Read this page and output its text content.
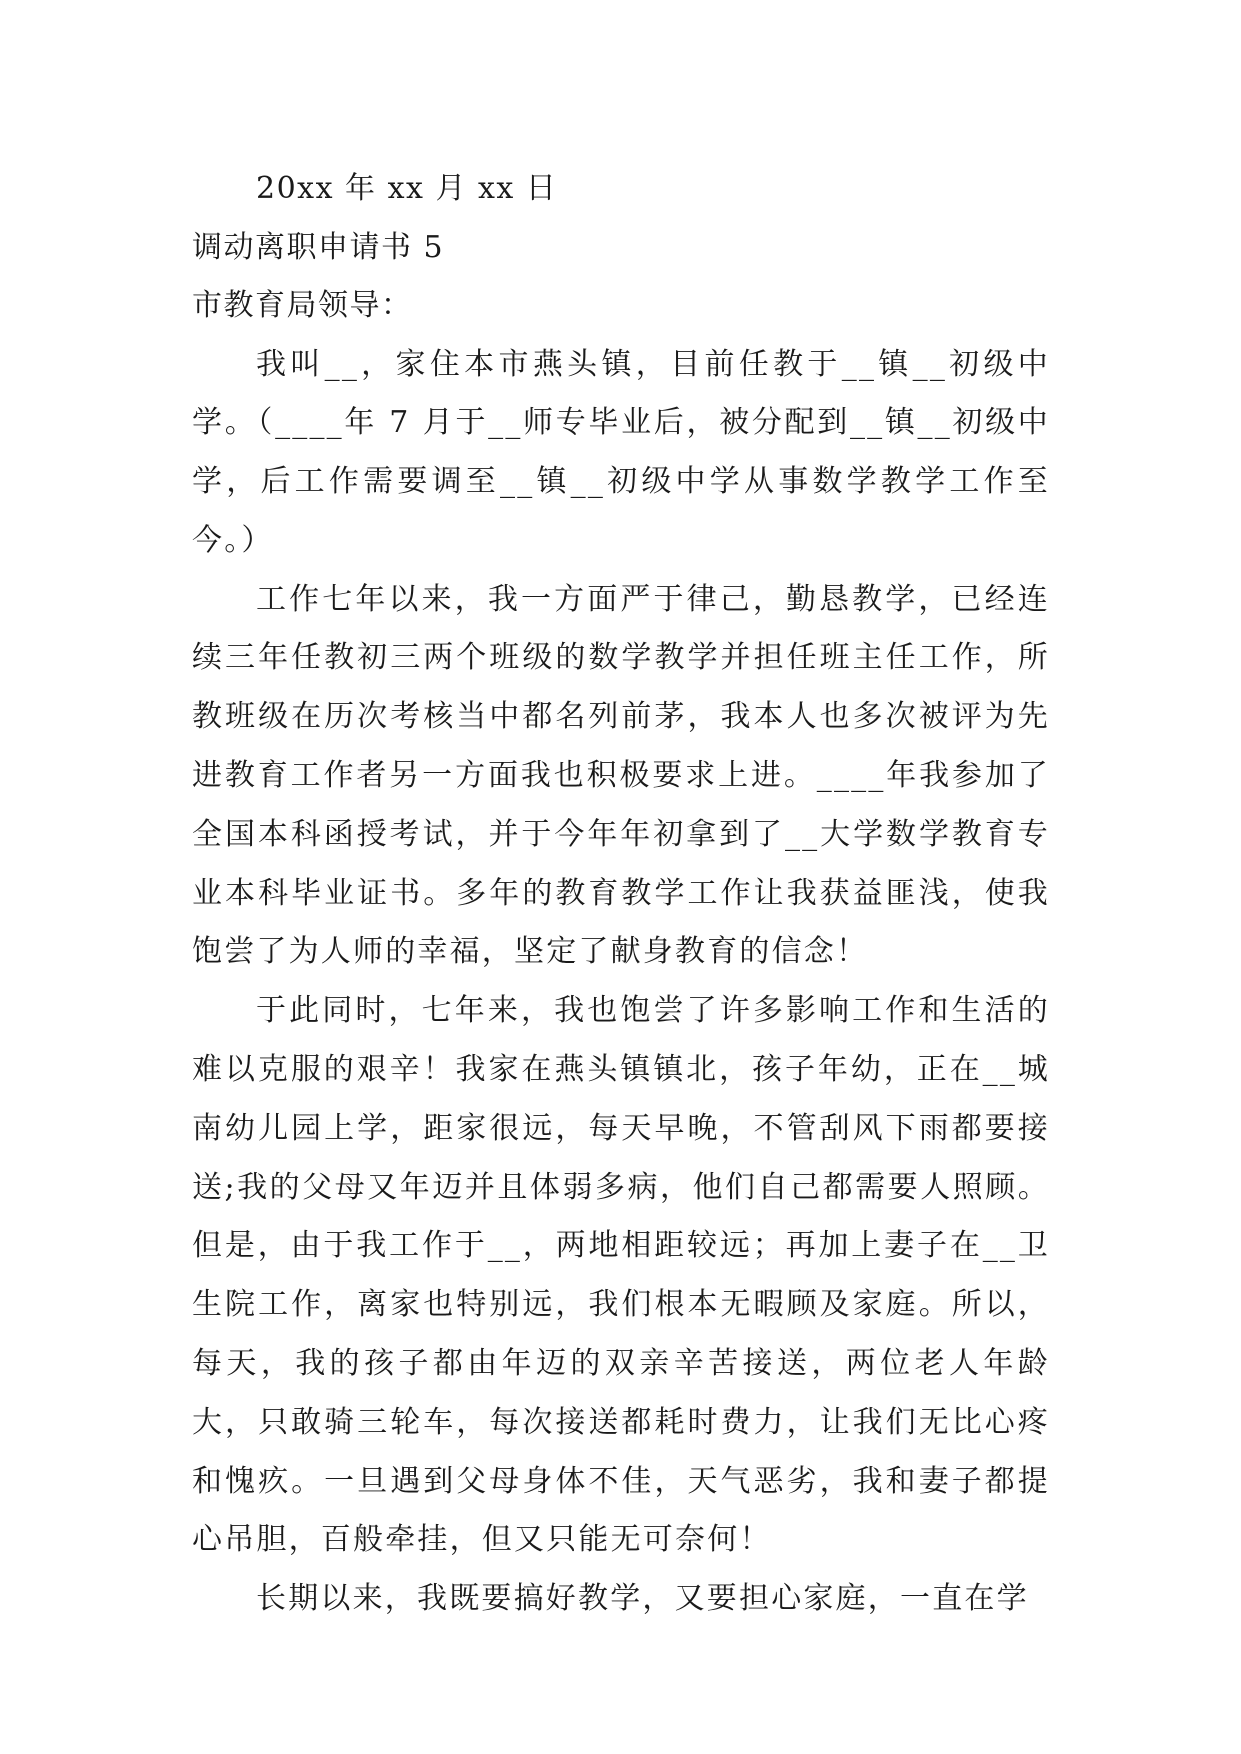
20xx 年 xx 月 xx 日

调动离职申请书 5

市教育局领导：

我叫__，家住本市燕头镇，目前任教于__镇__初级中学。（____年 7 月于__师专毕业后，被分配到__镇__初级中学，后工作需要调至__镇__初级中学从事数学教学工作至今。）

工作七年以来，我一方面严于律己，勤恳教学，已经连续三年任教初三两个班级的数学教学并担任班主任工作，所教班级在历次考核当中都名列前茅，我本人也多次被评为先进教育工作者另一方面我也积极要求上进。____年我参加了全国本科函授考试，并于今年年初拿到了__大学数学教育专业本科毕业证书。多年的教育教学工作让我获益匪浅，使我饱尝了为人师的幸福，坚定了献身教育的信念！

于此同时，七年来，我也饱尝了许多影响工作和生活的难以克服的艰辛！我家在燕头镇镇北，孩子年幼，正在__城南幼儿园上学，距家很远，每天早晚，不管刮风下雨都要接送;我的父母又年迈并且体弱多病，他们自己都需要人照顾。但是，由于我工作于__，两地相距较远；再加上妻子在__卫生院工作，离家也特别远，我们根本无暇顾及家庭。所以，每天，我的孩子都由年迈的双亲辛苦接送，两位老人年龄大，只敢骑三轮车，每次接送都耗时费力，让我们无比心疼和愧疚。一旦遇到父母身体不佳，天气恶劣，我和妻子都提心吊胆，百般牵挂，但又只能无可奈何！

长期以来，我既要搞好教学，又要担心家庭，一直在学
